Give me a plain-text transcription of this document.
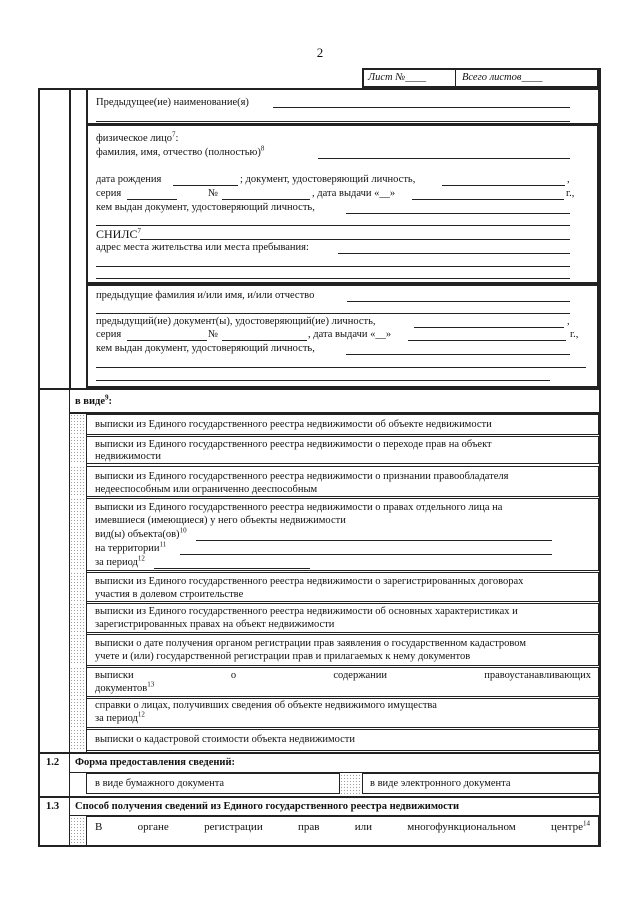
2
Лист №____	Всего листов____
Предыдущее(ие) наименование(я)
физическое лицо$^7$:
фамилия, имя, отчество (полностью)$^8$
дата рождения	; документ, удостоверяющий личность,	,
серия	№	, дата выдачи «__»	г.,
кем выдан документ, удостоверяющий личность,
СНИЛС$^7$
адрес места жительства или места пребывания:
предыдущие фамилия и/или имя, и/или отчество
предыдущий(ие) документ(ы), удостоверяющий(ие) личность,	,
серия	№	, дата выдачи «__»	г.,
кем выдан документ, удостоверяющий личность,
в виде$^9$:
выписки из Единого государственного реестра недвижимости об объекте недвижимости
выписки из Единого государственного реестра недвижимости о переходе прав на объект
недвижимости
выписки из Единого государственного реестра недвижимости о признании правообладателя
недееспособным или ограниченно дееспособным
выписки из Единого государственного реестра недвижимости о правах отдельного лица на
имевшиеся (имеющиеся) у него объекты недвижимости
вид(ы) объекта(ов)$^{10}$
на территории$^{11}$
за период$^{12}$
выписки из Единого государственного реестра недвижимости о зарегистрированных договорах
участия в долевом строительстве
выписки из Единого государственного реестра недвижимости об основных характеристиках и
зарегистрированных правах на объект недвижимости
выписки о дате получения органом регистрации прав заявления о государственном кадастровом
учете и (или) государственной регистрации прав и прилагаемых к нему документов
выписки о содержании правоустанавливающих
документов$^{13}$
справки о лицах, получивших сведения об объекте недвижимого имущества
за период$^{12}$
выписки о кадастровой стоимости объекта недвижимости
1.2 Форма предоставления сведений:
в виде бумажного документа	в виде электронного документа
1.3 Способ получения сведений из Единого государственного реестра недвижимости
В органе регистрации прав или многофункциональном центре$^{14}$
